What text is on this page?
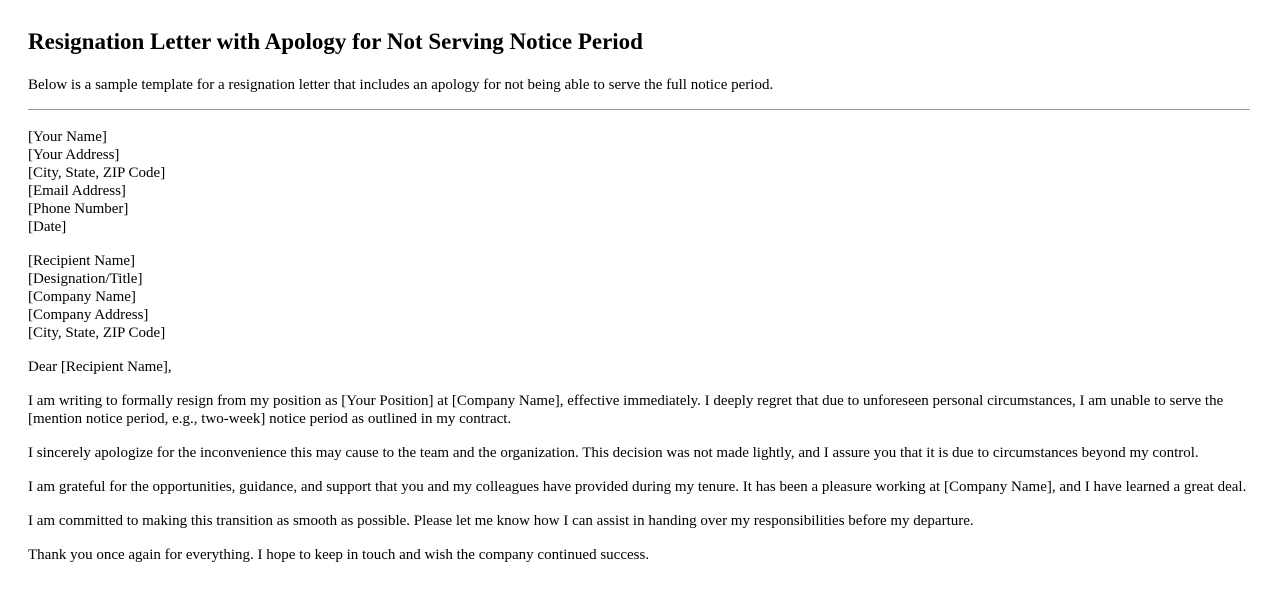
Resignation Letter with Apology for Not Serving Notice Period

Below is a sample template for a resignation letter that includes an apology for not being able to serve the full notice period.

[Your Name]
[Your Address]
[City, State, ZIP Code]
[Email Address]
[Phone Number]
[Date]
[Recipient Name]
[Designation/Title]
[Company Name]
[Company Address]
[City, State, ZIP Code]

Dear [Recipient Name],

I am writing to formally resign from my position as [Your Position] at [Company Name], effective immediately. I deeply regret that due to unforeseen personal circumstances, I am unable to serve the [mention notice period, e.g., two-week] notice period as outlined in my contract.

I sincerely apologize for the inconvenience this may cause to the team and the organization. This decision was not made lightly, and I assure you that it is due to circumstances beyond my control.

I am grateful for the opportunities, guidance, and support that you and my colleagues have provided during my tenure. It has been a pleasure working at [Company Name], and I have learned a great deal.

I am committed to making this transition as smooth as possible. Please let me know how I can assist in handing over my responsibilities before my departure.

Thank you once again for everything. I hope to keep in touch and wish the company continued success.
